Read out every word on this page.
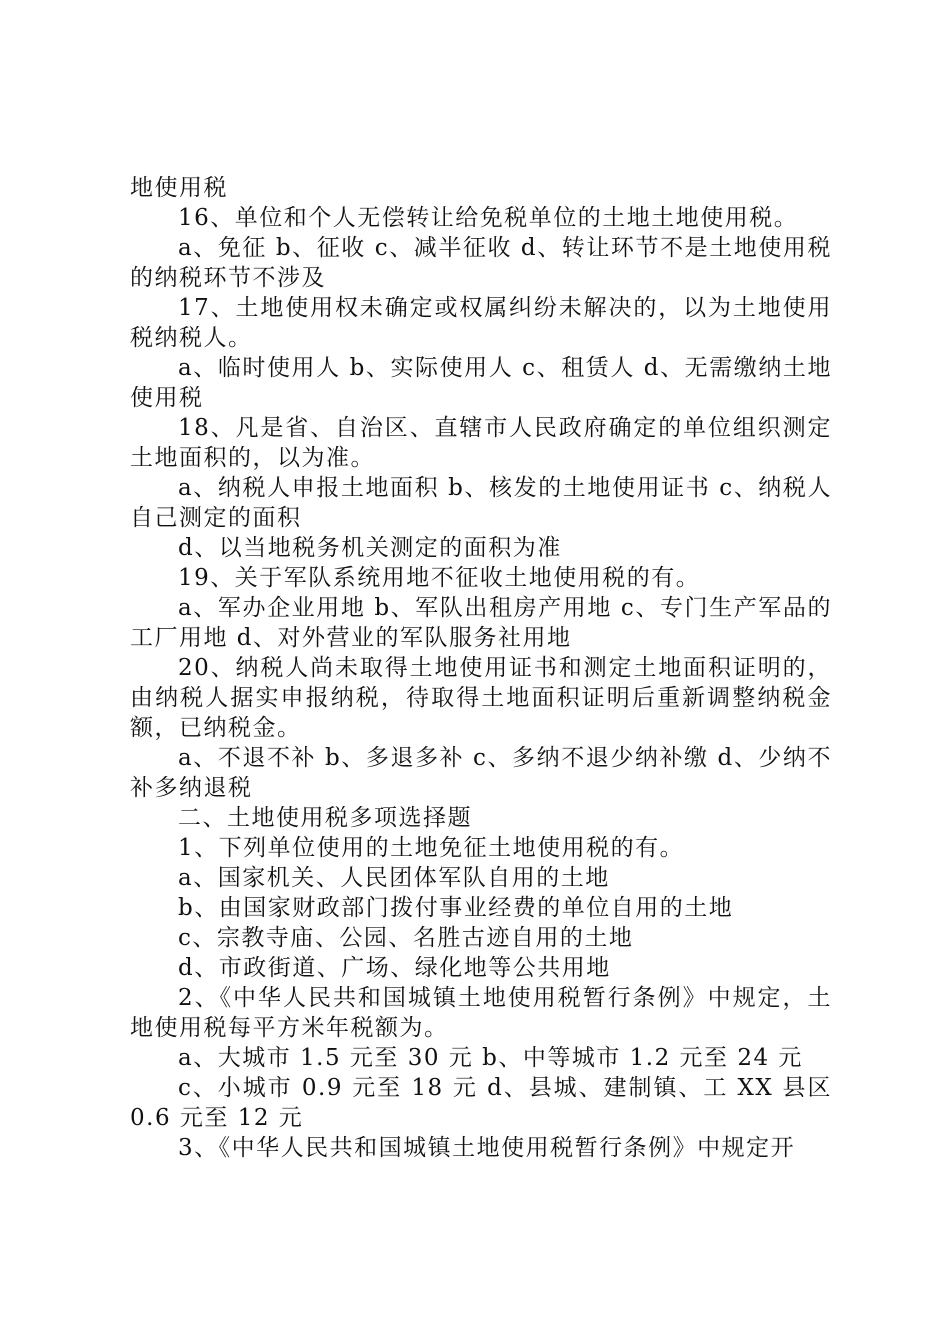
地使用税

16、单位和个人无偿转让给免税单位的土地土地使用税。

a、免征 b、征收 c、减半征收 d、转让环节不是土地使用税的纳税环节不涉及

17、土地使用权未确定或权属纠纷未解决的，以为土地使用税纳税人。

a、临时使用人 b、实际使用人 c、租赁人 d、无需缴纳土地使用税

18、凡是省、自治区、直辖市人民政府确定的单位组织测定土地面积的，以为准。

a、纳税人申报土地面积 b、核发的土地使用证书 c、纳税人自己测定的面积

d、以当地税务机关测定的面积为准

19、关于军队系统用地不征收土地使用税的有。

a、军办企业用地 b、军队出租房产用地 c、专门生产军品的工厂用地 d、对外营业的军队服务社用地

20、纳税人尚未取得土地使用证书和测定土地面积证明的，由纳税人据实申报纳税，待取得土地面积证明后重新调整纳税金额，已纳税金。

a、不退不补 b、多退多补 c、多纳不退少纳补缴 d、少纳不补多纳退税

二、土地使用税多项选择题

1、下列单位使用的土地免征土地使用税的有。

a、国家机关、人民团体军队自用的土地

b、由国家财政部门拨付事业经费的单位自用的土地

c、宗教寺庙、公园、名胜古迹自用的土地

d、市政街道、广场、绿化地等公共用地

2、《中华人民共和国城镇土地使用税暂行条例》中规定，土地使用税每平方米年税额为。

a、大城市 1.5 元至 30 元 b、中等城市 1.2 元至 24 元

c、小城市 0.9 元至 18 元 d、县城、建制镇、工 XX 县区 0.6 元至 12 元

3、《中华人民共和国城镇土地使用税暂行条例》中规定开
